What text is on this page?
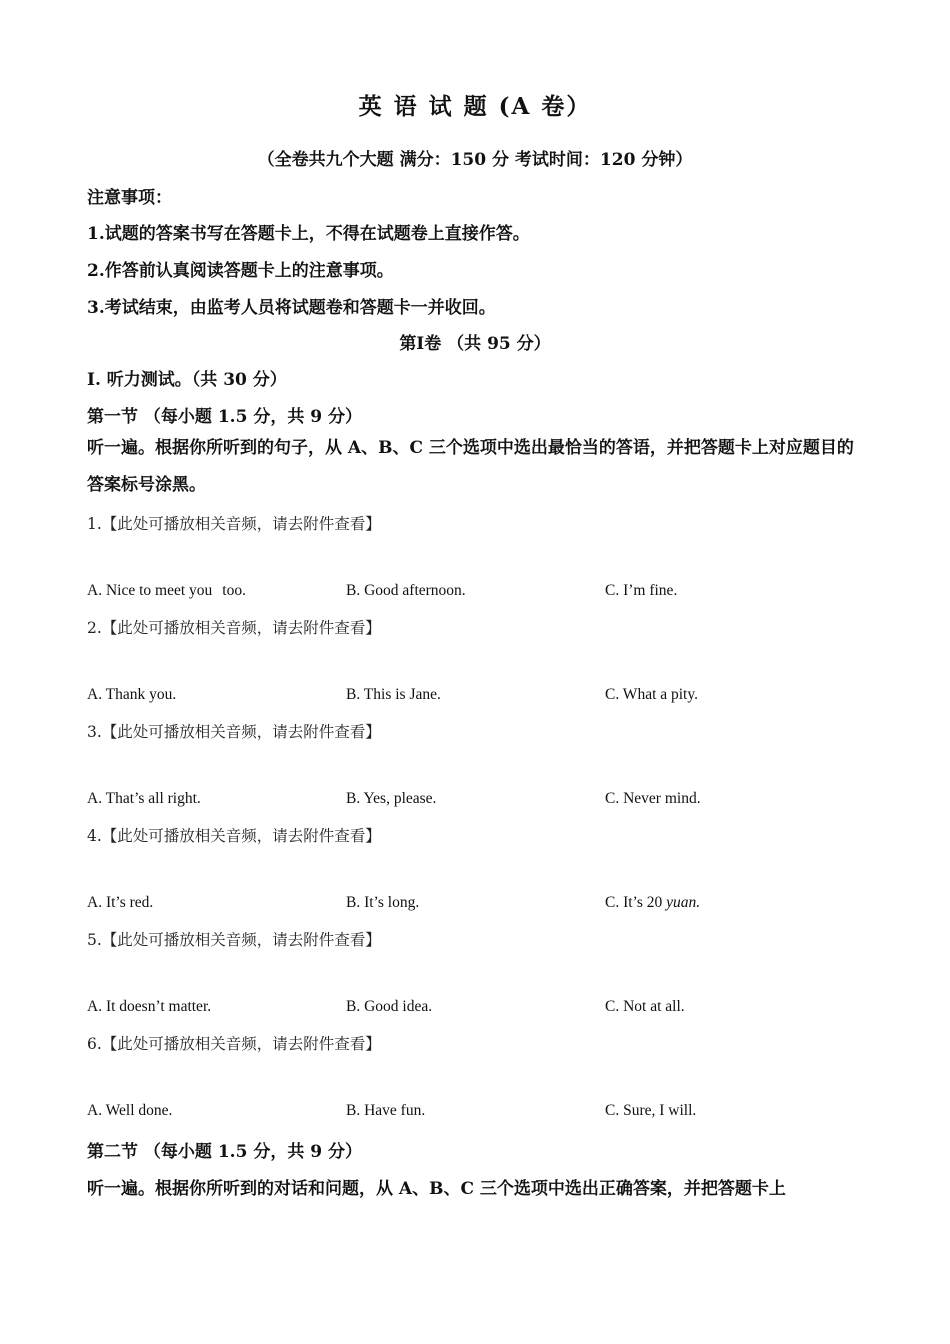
英 语 试 题 (A 卷）
（全卷共九个大题 满分：150 分 考试时间：120 分钟）
注意事项：
1.试题的答案书写在答题卡上，不得在试题卷上直接作答。
2.作答前认真阅读答题卡上的注意事项。
3.考试结束，由监考人员将试题卷和答题卡一并收回。
第Ⅰ卷 （共 95 分）
Ⅰ. 听力测试。（共 30 分）
第一节 （每小题 1.5 分，共 9 分）
听一遍。根据你所听到的句子，从 A、B、C 三个选项中选出最恰当的答语，并把答题卡上对应题目的答案标号涂黑。
1.【此处可播放相关音频，请去附件查看】
A. Nice to meet you too.	B. Good afternoon.	C. I’m fine.
2.【此处可播放相关音频，请去附件查看】
A. Thank you.	B. This is Jane.	C. What a pity.
3.【此处可播放相关音频，请去附件查看】
A. That’s all right.	B. Yes, please.	C. Never mind.
4.【此处可播放相关音频，请去附件查看】
A. It’s red.	B. It’s long.	C. It’s 20 yuan.
5.【此处可播放相关音频，请去附件查看】
A. It doesn’t matter.	B. Good idea.	C. Not at all.
6.【此处可播放相关音频，请去附件查看】
A. Well done.	B. Have fun.	C. Sure, I will.
第二节 （每小题 1.5 分，共 9 分）
听一遍。根据你所听到的对话和问题，从 A、B、C 三个选项中选出正确答案，并把答题卡上
